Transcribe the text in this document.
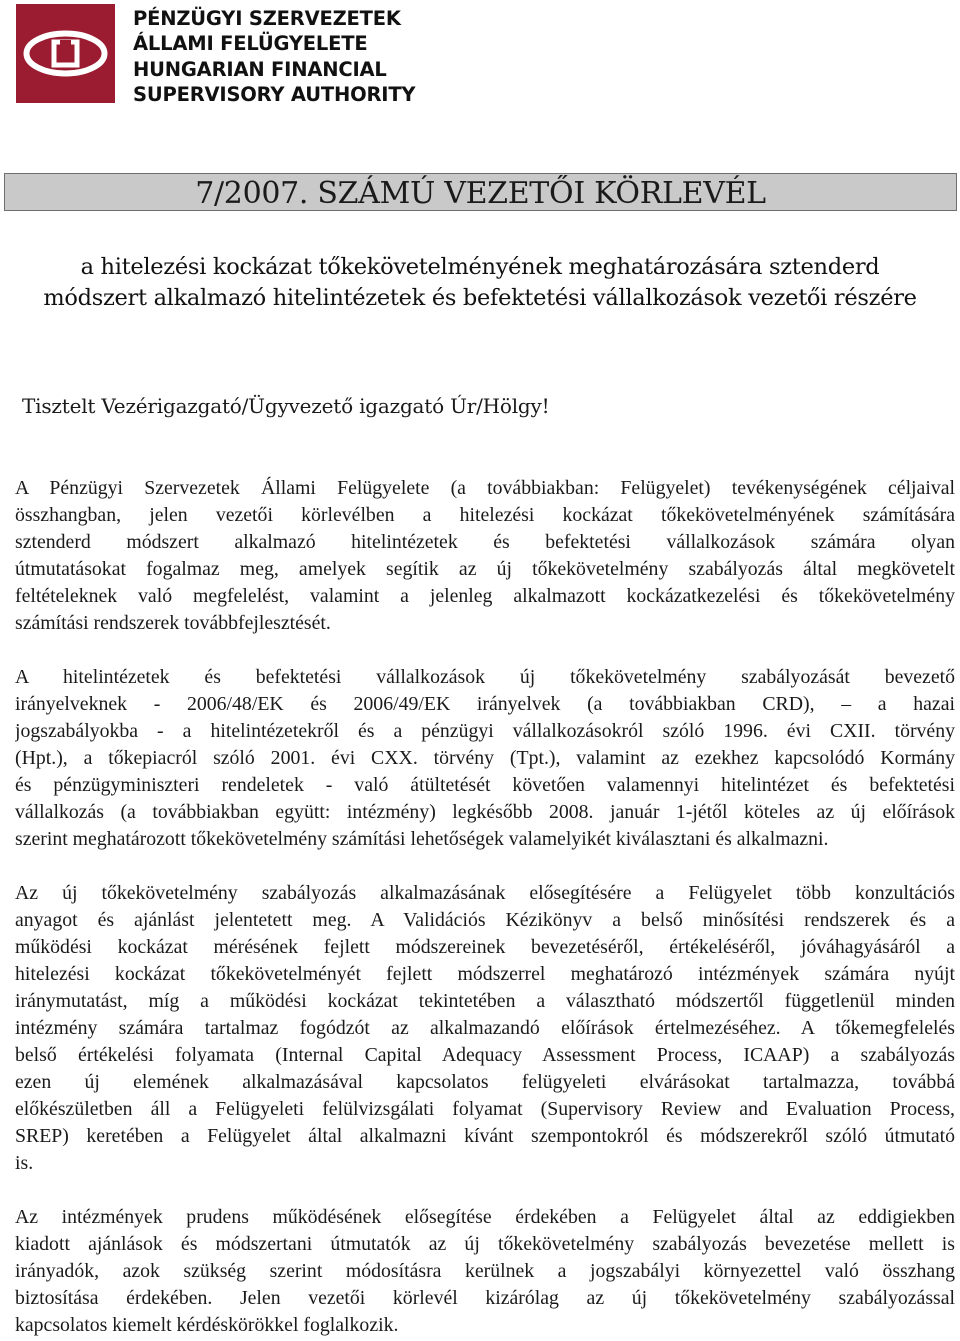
PÉNZÜGYI SZERVEZETEK
ÁLLAMI FELÜGYELETE
HUNGARIAN FINANCIAL
SUPERVISORY AUTHORITY
7/2007. SZÁMÚ VEZETŐI KÖRLEVÉL
a hitelezési kockázat tőkekövetelményének meghatározására sztenderd
módszert alkalmazó hitelintézetek és befektetési vállalkozások vezetői részére
Tisztelt Vezérigazgató/Ügyvezető igazgató Úr/Hölgy!
A Pénzügyi Szervezetek Állami Felügyelete (a továbbiakban: Felügyelet) tevékenységének céljaival
összhangban, jelen vezetői körlevélben a hitelezési kockázat tőkekövetelményének számítására
sztenderd módszert alkalmazó hitelintézetek és befektetési vállalkozások számára olyan
útmutatásokat fogalmaz meg, amelyek segítik az új tőkekövetelmény szabályozás által megkövetelt
feltételeknek való megfelelést, valamint a jelenleg alkalmazott kockázatkezelési és tőkekövetelmény
számítási rendszerek továbbfejlesztését.
A hitelintézetek és befektetési vállalkozások új tőkekövetelmény szabályozását bevezető
irányelveknek - 2006/48/EK és 2006/49/EK irányelvek (a továbbiakban CRD), – a hazai
jogszabályokba - a hitelintézetekről és a pénzügyi vállalkozásokról szóló 1996. évi CXII. törvény
(Hpt.), a tőkepiacról szóló 2001. évi CXX. törvény (Tpt.), valamint az ezekhez kapcsolódó Kormány
és pénzügyminiszteri rendeletek - való átültetését követően valamennyi hitelintézet és befektetési
vállalkozás (a továbbiakban együtt: intézmény) legkésőbb 2008. január 1-jétől köteles az új előírások
szerint meghatározott tőkekövetelmény számítási lehetőségek valamelyikét kiválasztani és alkalmazni.
Az új tőkekövetelmény szabályozás alkalmazásának elősegítésére a Felügyelet több konzultációs
anyagot és ajánlást jelentetett meg. A Validációs Kézikönyv a belső minősítési rendszerek és a
működési kockázat mérésének fejlett módszereinek bevezetéséről, értékeléséről, jóváhagyásáról a
hitelezési kockázat tőkekövetelményét fejlett módszerrel meghatározó intézmények számára nyújt
iránymutatást, míg a működési kockázat tekintetében a választható módszertől függetlenül minden
intézmény számára tartalmaz fogódzót az alkalmazandó előírások értelmezéséhez. A tőkemegfelelés
belső értékelési folyamata (Internal Capital Adequacy Assessment Process, ICAAP) a szabályozás
ezen új elemének alkalmazásával kapcsolatos felügyeleti elvárásokat tartalmazza, továbbá
előkészületben áll a Felügyeleti felülvizsgálati folyamat (Supervisory Review and Evaluation Process,
SREP) keretében a Felügyelet által alkalmazni kívánt szempontokról és módszerekről szóló útmutató
is.
Az intézmények prudens működésének elősegítése érdekében a Felügyelet által az eddigiekben
kiadott ajánlások és módszertani útmutatók az új tőkekövetelmény szabályozás bevezetése mellett is
irányadók, azok szükség szerint módosításra kerülnek a jogszabályi környezettel való összhang
biztosítása érdekében. Jelen vezetői körlevél kizárólag az új tőkekövetelmény szabályozással
kapcsolatos kiemelt kérdéskörökkel foglalkozik.
